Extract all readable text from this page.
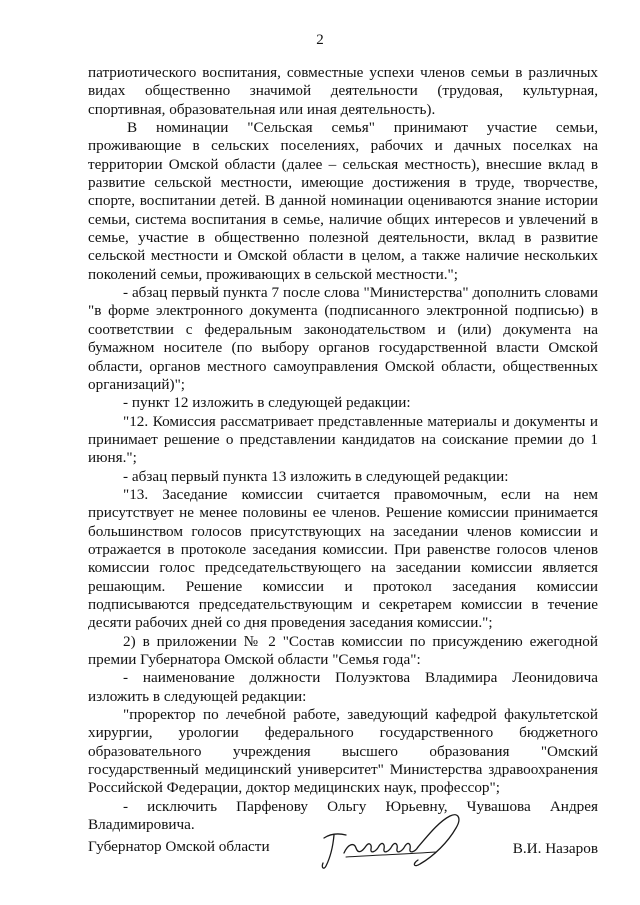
2

патриотического воспитания, совместные успехи членов семьи в различных видах общественно значимой деятельности (трудовая, культурная, спортивная, образовательная или иная деятельность).

В номинации "Сельская семья" принимают участие семьи, проживающие в сельских поселениях, рабочих и дачных поселках на территории Омской области (далее – сельская местность), внесшие вклад в развитие сельской местности, имеющие достижения в труде, творчестве, спорте, воспитании детей. В данной номинации оцениваются знание истории семьи, система воспитания в семье, наличие общих интересов и увлечений в семье, участие в общественно полезной деятельности, вклад в развитие сельской местности и Омской области в целом, а также наличие нескольких поколений семьи, проживающих в сельской местности.";

- абзац первый пункта 7 после слова "Министерства" дополнить словами "в форме электронного документа (подписанного электронной подписью) в соответствии с федеральным законодательством и (или) документа на бумажном носителе (по выбору органов государственной власти Омской области, органов местного самоуправления Омской области, общественных организаций)";

- пункт 12 изложить в следующей редакции:

"12. Комиссия рассматривает представленные материалы и документы и принимает решение о представлении кандидатов на соискание премии до 1 июня.";

- абзац первый пункта 13 изложить в следующей редакции:

"13. Заседание комиссии считается правомочным, если на нем присутствует не менее половины ее членов. Решение комиссии принимается большинством голосов присутствующих на заседании членов комиссии и отражается в протоколе заседания комиссии. При равенстве голосов членов комиссии голос председательствующего на заседании комиссии является решающим. Решение комиссии и протокол заседания комиссии подписываются председательствующим и секретарем комиссии в течение десяти рабочих дней со дня проведения заседания комиссии.";

2) в приложении № 2 "Состав комиссии по присуждению ежегодной премии Губернатора Омской области "Семья года":

- наименование должности Полуэктова Владимира Леонидовича изложить в следующей редакции:

"проректор по лечебной работе, заведующий кафедрой факультетской хирургии, урологии федерального государственного бюджетного образовательного учреждения высшего образования "Омский государственный медицинский университет" Министерства здравоохранения Российской Федерации, доктор медицинских наук, профессор";

- исключить Парфенову Ольгу Юрьевну, Чувашова Андрея Владимировича.

Губернатор Омской области	В.И. Назаров
